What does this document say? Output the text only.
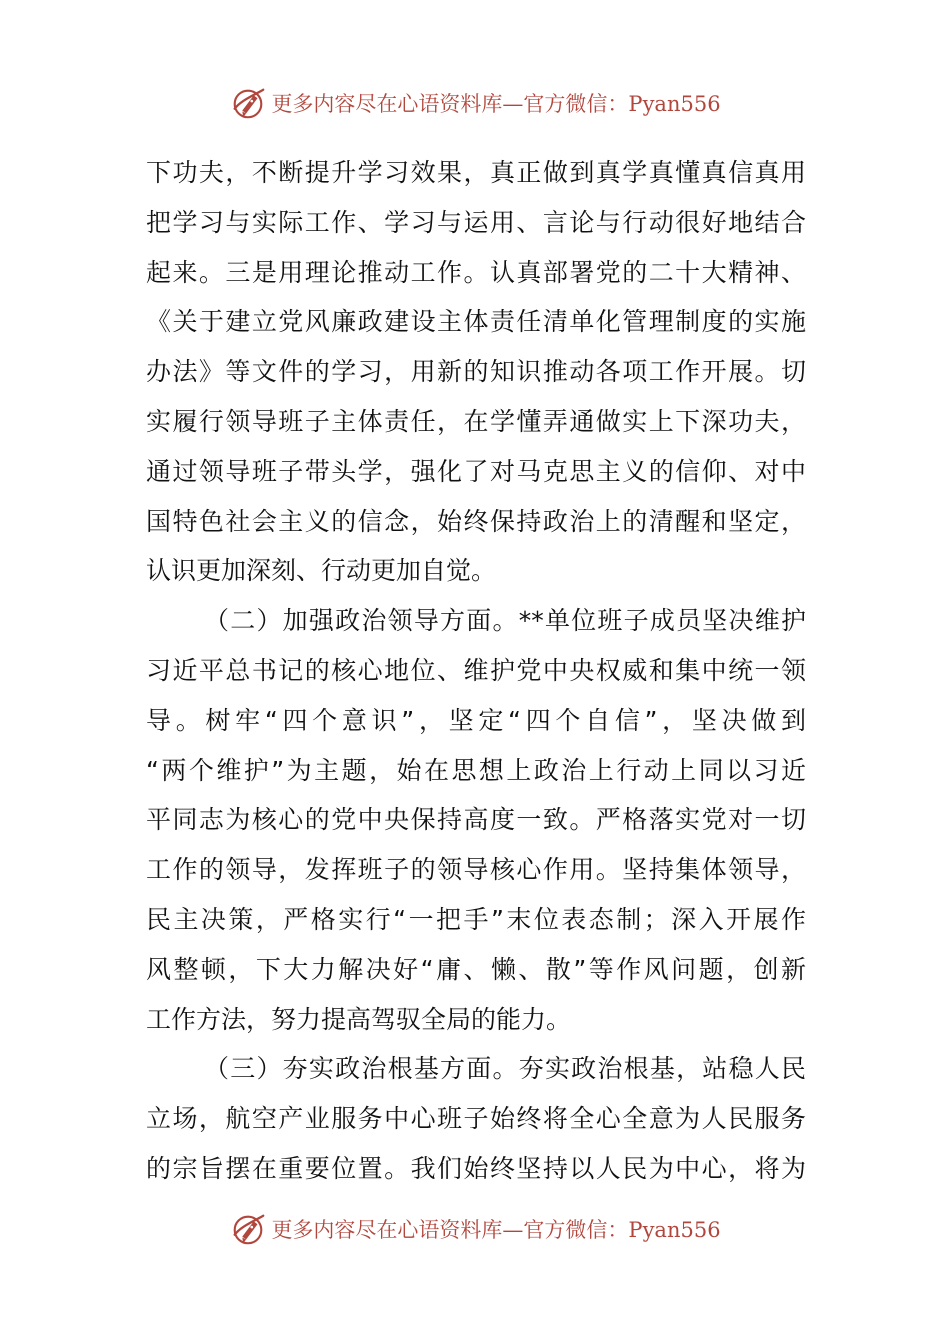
更多内容尽在心语资料库—官方微信：Pyan556
下功夫，不断提升学习效果，真正做到真学真懂真信真用
把学习与实际工作、学习与运用、言论与行动很好地结合
起来。三是用理论推动工作。认真部署党的二十大精神、
《关于建立党风廉政建设主体责任清单化管理制度的实施
办法》等文件的学习，用新的知识推动各项工作开展。切
实履行领导班子主体责任，在学懂弄通做实上下深功夫，
通过领导班子带头学，强化了对马克思主义的信仰、对中
国特色社会主义的信念，始终保持政治上的清醒和坚定，
认识更加深刻、行动更加自觉。
（二）加强政治领导方面。**单位班子成员坚决维护
习近平总书记的核心地位、维护党中央权威和集中统一领
导。树牢“四个意识”，坚定“四个自信”，坚决做到
“两个维护”为主题，始在思想上政治上行动上同以习近
平同志为核心的党中央保持高度一致。严格落实党对一切
工作的领导，发挥班子的领导核心作用。坚持集体领导，
民主决策，严格实行“一把手”末位表态制；深入开展作
风整顿，下大力解决好“庸、懒、散”等作风问题，创新
工作方法，努力提高驾驭全局的能力。
（三）夯实政治根基方面。夯实政治根基，站稳人民
立场，航空产业服务中心班子始终将全心全意为人民服务
的宗旨摆在重要位置。我们始终坚持以人民为中心，将为
更多内容尽在心语资料库—官方微信：Pyan556
